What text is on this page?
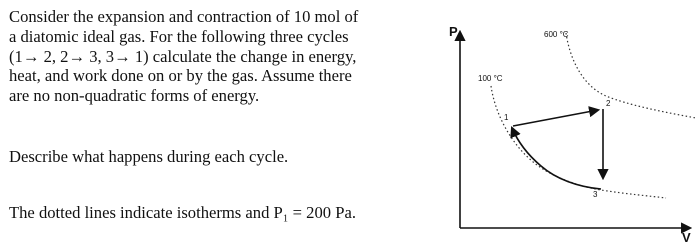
Consider the expansion and contraction of 10 mol of
a diatomic ideal gas. For the following three cycles
(1→ 2, 2→ 3, 3→ 1) calculate the change in energy,
heat, and work done on or by the gas. Assume there
are no non-quadratic forms of energy.
Describe what happens during each cycle.
The dotted lines indicate isotherms and P₁ = 200 Pa.
P
V
600 °C
100 °C
1
2
3
